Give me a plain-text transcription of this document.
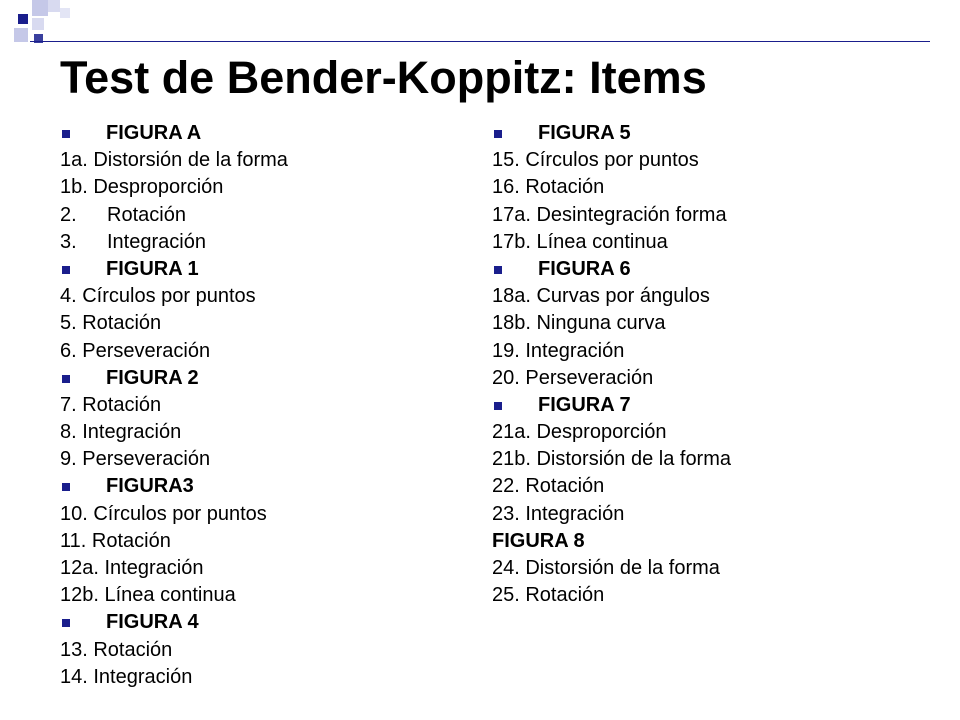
Test de Bender-Koppitz: Items
FIGURA A
1a. Distorsión de la forma
1b. Desproporción
2. Rotación
3. Integración
FIGURA 1
4. Círculos por puntos
5. Rotación
6. Perseveración
FIGURA 2
7. Rotación
8. Integración
9. Perseveración
FIGURA3
10. Círculos por puntos
11. Rotación
12a. Integración
12b. Línea continua
FIGURA 4
13. Rotación
14. Integración
FIGURA 5
15. Círculos por puntos
16. Rotación
17a. Desintegración forma
17b. Línea continua
FIGURA 6
18a. Curvas por ángulos
18b. Ninguna curva
19. Integración
20. Perseveración
FIGURA 7
21a. Desproporción
21b. Distorsión de la forma
22. Rotación
23. Integración
FIGURA 8
24. Distorsión de la forma
25. Rotación
